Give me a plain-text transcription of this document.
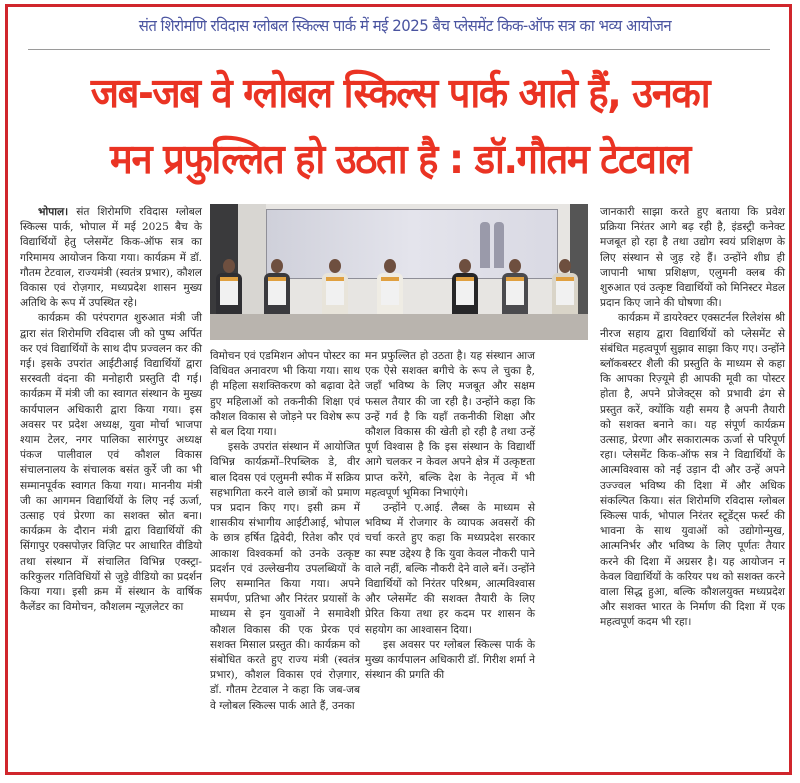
संत शिरोमणि रविदास ग्लोबल स्किल्स पार्क में मई 2025 बैच प्लेसमेंट किक-ऑफ सत्र का भव्य आयोजन
जब-जब वे ग्लोबल स्किल्स पार्क आते हैं, उनका
मन प्रफुल्लित हो उठता है : डॉ.गौतम टेटवाल

भोपाल। संत शिरोमणि रविदास ग्लोबल स्किल्स पार्क, भोपाल में मई 2025 बैच के विद्यार्थियों हेतु प्लेसमेंट किक-ऑफ सत्र का गरिमामय आयोजन किया गया। कार्यक्रम में डॉ. गौतम टेटवाल, राज्यमंत्री (स्वतंत्र प्रभार), कौशल विकास एवं रोज़गार, मध्यप्रदेश शासन मुख्य अतिथि के रूप में उपस्थित रहे।

कार्यक्रम की परंपरागत शुरुआत मंत्री जी द्वारा संत शिरोमणि रविदास जी को पुष्प अर्पित कर एवं विद्यार्थियों के साथ दीप प्रज्वलन कर की गई। इसके उपरांत आईटीआई विद्यार्थियों द्वारा सरस्वती वंदना की मनोहारी प्रस्तुति दी गई। कार्यक्रम में मंत्री जी का स्वागत संस्थान के मुख्य कार्यपालन अधिकारी द्वारा किया गया। इस अवसर पर प्रदेश अध्यक्ष, युवा मोर्चा भाजपा श्याम टेलर, नगर पालिका सारंगपुर अध्यक्ष पंकज पालीवाल एवं कौशल विकास संचालनालय के संचालक बसंत कुर्रे जी का भी सम्मानपूर्वक स्वागत किया गया। माननीय मंत्री जी का आगमन विद्यार्थियों के लिए नई ऊर्जा, उत्साह एवं प्रेरणा का सशक्त स्रोत बना। कार्यक्रम के दौरान मंत्री द्वारा विद्यार्थियों की सिंगापुर एक्सपोज़र विज़िट पर आधारित वीडियो तथा संस्थान में संचालित विभिन्न एक्स्ट्रा-करिकुलर गतिविधियों से जुड़े वीडियो का प्रदर्शन किया गया। इसी क्रम में संस्थान के वार्षिक कैलेंडर का विमोचन, कौशलम न्यूज़लेटर का

विमोचन एवं एडमिशन ओपन पोस्टर का विधिवत अनावरण भी किया गया। साथ ही महिला सशक्तिकरण को बढ़ावा देते हुए महिलाओं को तकनीकी शिक्षा एवं कौशल विकास से जोड़ने पर विशेष रूप से बल दिया गया।

इसके उपरांत संस्थान में आयोजित विभिन्न कार्यक्रमों–रिपब्लिक डे, वीर बाल दिवस एवं एलुमनी स्पीक में सक्रिय सहभागिता करने वाले छात्रों को प्रमाण पत्र प्रदान किए गए। इसी क्रम में शासकीय संभागीय आईटीआई, भोपाल के छात्र हर्षित द्विवेदी, रितेश कौर एवं आकाश विश्वकर्मा को उनके उत्कृष्ट प्रदर्शन एवं उल्लेखनीय उपलब्धियों के लिए सम्मानित किया गया। अपने समर्पण, प्रतिभा और निरंतर प्रयासों के माध्यम से इन युवाओं ने समावेशी कौशल विकास की एक प्रेरक एवं सशक्त मिसाल प्रस्तुत की। कार्यक्रम को संबोधित करते हुए राज्य मंत्री (स्वतंत्र प्रभार), कौशल विकास एवं रोज़गार, डॉ. गौतम टेटवाल ने कहा कि जब-जब वे ग्लोबल स्किल्स पार्क आते हैं, उनका

मन प्रफुल्लित हो उठता है। यह संस्थान आज एक ऐसे सशक्त बगीचे के रूप ले चुका है, जहाँ भविष्य के लिए मजबूत और सक्षम फसल तैयार की जा रही है। उन्होंने कहा कि उन्हें गर्व है कि यहाँ तकनीकी शिक्षा और कौशल विकास की खेती हो रही है तथा उन्हें पूर्ण विश्वास है कि इस संस्थान के विद्यार्थी आगे चलकर न केवल अपने क्षेत्र में उत्कृष्टता प्राप्त करेंगे, बल्कि देश के नेतृत्व में भी महत्वपूर्ण भूमिका निभाएंगे।

उन्होंने ए.आई. लैब्स के माध्यम से भविष्य में रोजगार के व्यापक अवसरों की चर्चा करते हुए कहा कि मध्यप्रदेश सरकार का स्पष्ट उद्देश्य है कि युवा केवल नौकरी पाने वाले नहीं, बल्कि नौकरी देने वाले बनें। उन्होंने विद्यार्थियों को निरंतर परिश्रम, आत्मविश्वास और प्लेसमेंट की सशक्त तैयारी के लिए प्रेरित किया तथा हर कदम पर शासन के सहयोग का आश्वासन दिया।

इस अवसर पर ग्लोबल स्किल्स पार्क के मुख्य कार्यपालन अधिकारी डॉ. गिरीश शर्मा ने संस्थान की प्रगति की

जानकारी साझा करते हुए बताया कि प्रवेश प्रक्रिया निरंतर आगे बढ़ रही है, इंडस्ट्री कनेक्ट मजबूत हो रहा है तथा उद्योग स्वयं प्रशिक्षण के लिए संस्थान से जुड़ रहे हैं। उन्होंने शीघ्र ही जापानी भाषा प्रशिक्षण, एलुमनी क्लब की शुरुआत एवं उत्कृष्ट विद्यार्थियों को मिनिस्टर मेडल प्रदान किए जाने की घोषणा की।

कार्यक्रम में डायरेक्टर एक्सटर्नल रिलेशंस श्री नीरज सहाय द्वारा विद्यार्थियों को प्लेसमेंट से संबंधित महत्वपूर्ण सुझाव साझा किए गए। उन्होंने ब्लॉकबस्टर शैली की प्रस्तुति के माध्यम से कहा कि आपका रिज़्यूमे ही आपकी मूवी का पोस्टर होता है, अपने प्रोजेक्ट्स को प्रभावी ढंग से प्रस्तुत करें, क्योंकि यही समय है अपनी तैयारी को सशक्त बनाने का। यह संपूर्ण कार्यक्रम उत्साह, प्रेरणा और सकारात्मक ऊर्जा से परिपूर्ण रहा। प्लेसमेंट किक-ऑफ सत्र ने विद्यार्थियों के आत्मविश्वास को नई उड़ान दी और उन्हें अपने उज्ज्वल भविष्य की दिशा में और अधिक संकल्पित किया। संत शिरोमणि रविदास ग्लोबल स्किल्स पार्क, भोपाल निरंतर स्टूडेंट्स फर्स्ट की भावना के साथ युवाओं को उद्योगोन्मुख, आत्मनिर्भर और भविष्य के लिए पूर्णतः तैयार करने की दिशा में अग्रसर है। यह आयोजन न केवल विद्यार्थियों के करियर पथ को सशक्त करने वाला सिद्ध हुआ, बल्कि कौशलयुक्त मध्यप्रदेश और सशक्त भारत के निर्माण की दिशा में एक महत्वपूर्ण कदम भी रहा।
